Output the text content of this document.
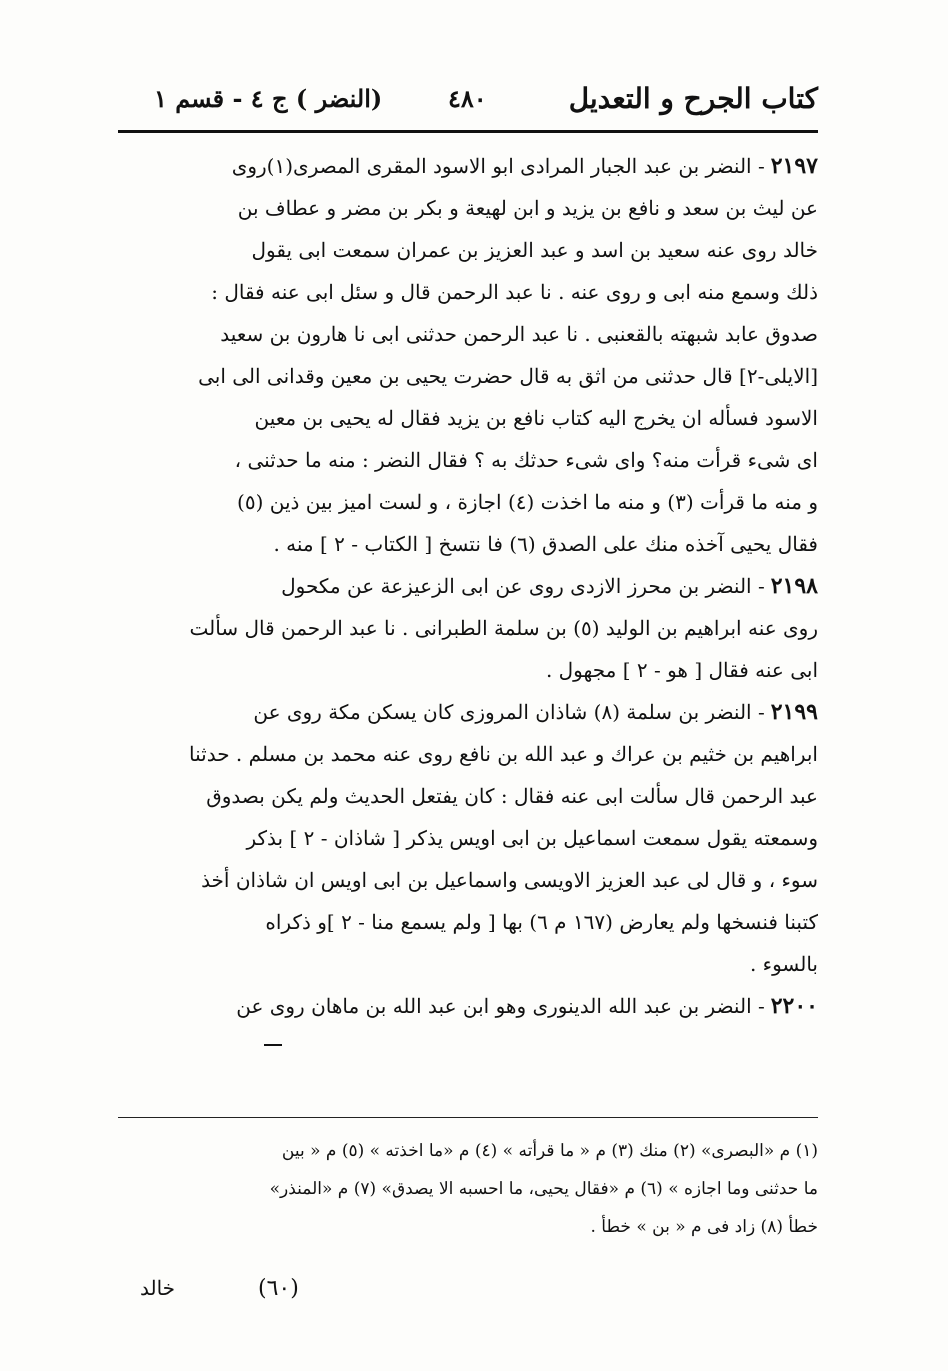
كتاب الجرح و التعديل
٤٨٠
(النضر ) ج ٤ - قسم ١
٢١٩٧- النضر بن عبد الجبار المرادى ابو الاسود المقرى المصرى(١)روى
عن ليث بن سعد و نافع بن يزيد و ابن لهيعة و بكر بن مضر و عطاف بن
خالد روى عنه سعيد بن اسد و عبد العزيز بن عمران سمعت ابى يقول
ذلك وسمع منه ابى و روى عنه . نا عبد الرحمن قال و سئل ابى عنه فقال :
صدوق عابد شبهته بالقعنبى . نا عبد الرحمن حدثنى ابى نا هارون بن سعيد
[الايلى-٢] قال حدثنى من اثق به قال حضرت يحيى بن معين وقدانى الى ابى
الاسود فسأله ان يخرج اليه كتاب نافع بن يزيد فقال له يحيى بن معين
اى شىء قرأت منه؟ واى شىء حدثك به ؟ فقال النضر : منه ما حدثنى ،
و منه ما قرأت (٣) و منه ما اخذت (٤) اجازة ، و لست اميز بين ذين (٥)
فقال يحيى آخذه منك على الصدق (٦) فا نتسخ [ الكتاب - ٢ ] منه .
٢١٩٨- النضر بن محرز الازدى روى عن ابى الزعيزعة عن مكحول
روى عنه ابراهيم بن الوليد (٥) بن سلمة الطبرانى . نا عبد الرحمن قال سألت
ابى عنه فقال [ هو - ٢ ] مجهول .
٢١٩٩- النضر بن سلمة (٨) شاذان المروزى كان يسكن مكة روى عن
ابراهيم بن خثيم بن عراك و عبد الله بن نافع روى عنه محمد بن مسلم . حدثنا
عبد الرحمن قال سألت ابى عنه فقال : كان يفتعل الحديث ولم يكن بصدوق
وسمعته يقول سمعت اسماعيل بن ابى اويس يذكر [ شاذان - ٢ ] بذكر
سوء ، و قال لى عبد العزيز الاويسى واسماعيل بن ابى اويس ان شاذان أخذ
كتبنا فنسخها ولم يعارض (١٦٧ م ٦) بها [ ولم يسمع منا - ٢ ]و ذكراه
بالسوء .
٢٢٠٠- النضر بن عبد الله الدينورى وهو ابن عبد الله بن ماهان روى عن
(١) م «البصرى» (٢) منك (٣) م « ما قرأته » (٤) م «ما اخذته » (٥) م « بين
ما حدثنى وما اجازه » (٦) م «فقال يحيى، ما احسبه الا يصدق» (٧) م «المنذر»
خطأ (٨) زاد فى م « بن » خطأ .
خالد	(٦٠)
